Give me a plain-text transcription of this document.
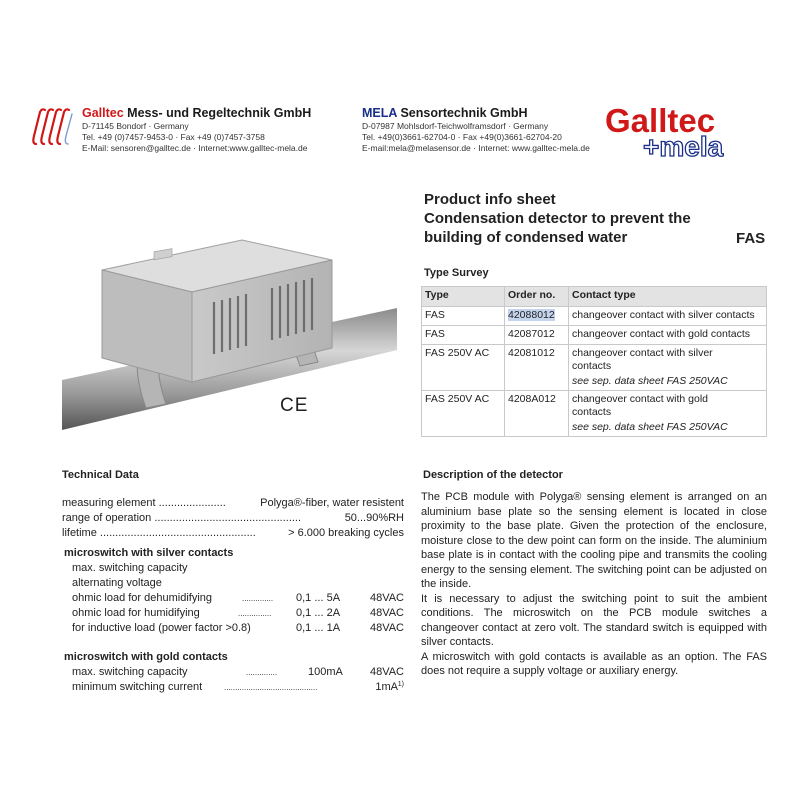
Galltec Mess- und Regeltechnik GmbH
D-71145 Bondorf · Germany
Tel. +49 (0)7457-9453-0 · Fax +49 (0)7457-3758
E-Mail: sensoren@galltec.de · Internet:www.galltec-mela.de
MELA Sensortechnik GmbH
D-07987 Mohlsdorf-Teichwolframsdorf · Germany
Tel. +49(0)3661-62704-0 · Fax +49(0)3661-62704-20
E-mail:mela@melasensor.de · Internet: www.galltec-mela.de
Galltec
+mela
Product info sheet
Condensation detector to prevent the
building of condensed water	FAS
CE
Type Survey
Type	Order no.	Contact type
FAS	42088012	changeover contact with silver contacts
FAS	42087012	changeover contact with gold contacts
FAS 250V AC	42081012	changeover contact with silver contacts
see sep. data sheet FAS 250VAC

FAS 250V AC	4208A012	changeover contact with gold contacts
see sep. data sheet FAS 250VAC
Technical Data
measuring element ......................	Polyga®-fiber, water resistent
range of operation ................................................	50...90%RH
lifetime ...................................................	> 6.000 breaking cycles
microswitch with silver contacts
max. switching capacity
alternating voltage
ohmic load for dehumidifying	.............. 0,1 ... 5A	48VAC
ohmic load for humidifying	............... 0,1 ... 2A	48VAC
for inductive load (power factor >0.8)	0,1 ... 1A	48VAC
microswitch with gold contacts
max. switching capacity	..............	100mA 48VAC
minimum switching current	..........................................	1mA 1)
Description of the detector

The PCB module with Polyga® sensing element is arranged on an aluminium base plate so the sensing element is located in close proximity to the base plate. Given the protection of the enclosure, moisture close to the dew point can form on the inside. The aluminium base plate is in contact with the cooling pipe and transmits the cooling energy to the sensing element. The switching point can be adjusted on the inside.

It is necessary to adjust the switching point to suit the ambient conditions. The microswitch on the PCB module switches a changeover contact at zero volt. The standard switch is equipped with silver contacts.

A microswitch with gold contacts is available as an option. The FAS does not require a supply voltage or auxiliary energy.
